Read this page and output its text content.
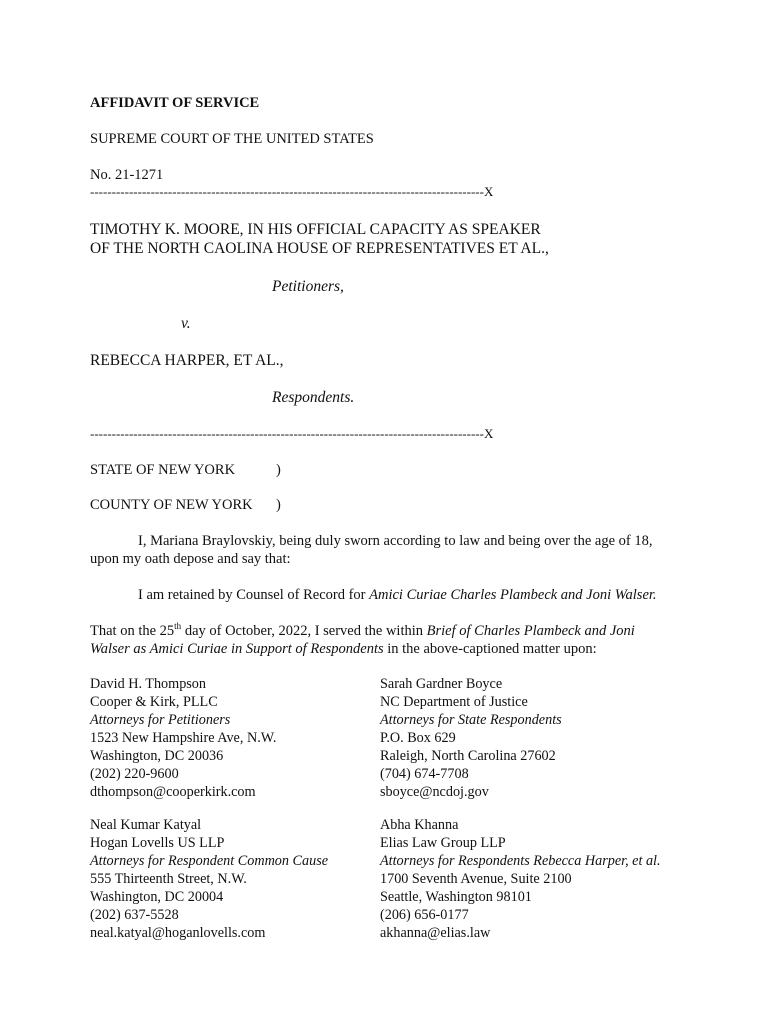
AFFIDAVIT OF SERVICE
SUPREME COURT OF THE UNITED STATES
No. 21-1271
-------------------------------------------------------------------------------------------X
TIMOTHY K. MOORE, IN HIS OFFICIAL CAPACITY AS SPEAKER
OF THE NORTH CAOLINA HOUSE OF REPRESENTATIVES ET AL.,
Petitioners,
v.
REBECCA HARPER, ET AL.,
Respondents.
-------------------------------------------------------------------------------------------X
STATE OF NEW YORK	)
COUNTY OF NEW YORK )
I, Mariana Braylovskiy, being duly sworn according to law and being over the age of 18,
upon my oath depose and say that:
I am retained by Counsel of Record for Amici Curiae Charles Plambeck and Joni Walser.
That on the 25th day of October, 2022, I served the within Brief of Charles Plambeck and Joni
Walser as Amici Curiae in Support of Respondents in the above-captioned matter upon:
David H. Thompson
Cooper & Kirk, PLLC
Attorneys for Petitioners
1523 New Hampshire Ave, N.W.
Washington, DC 20036
(202) 220-9600
dthompson@cooperkirk.com
Sarah Gardner Boyce
NC Department of Justice
Attorneys for State Respondents
P.O. Box 629
Raleigh, North Carolina 27602
(704) 674-7708
sboyce@ncdoj.gov
Neal Kumar Katyal
Hogan Lovells US LLP
Attorneys for Respondent Common Cause
555 Thirteenth Street, N.W.
Washington, DC 20004
(202) 637-5528
neal.katyal@hoganlovells.com
Abha Khanna
Elias Law Group LLP
Attorneys for Respondents Rebecca Harper, et al.
1700 Seventh Avenue, Suite 2100
Seattle, Washington 98101
(206) 656-0177
akhanna@elias.law
